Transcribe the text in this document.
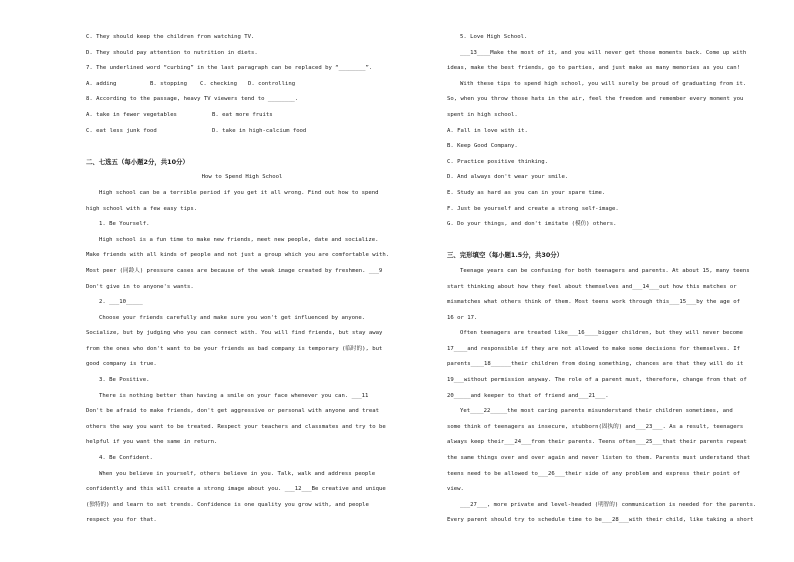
C. They should keep the children from watching TV.
D. They should pay attention to nutrition in diets.
7. The underlined word “curbing” in the last paragraph can be replaced by “________”.
A. adding	B. stopping C. checking D. controlling
8. According to the passage, heavy TV viewers tend to ________.
A. take in fewer vegetables	B. eat more fruits
C. eat less junk food	D. take in high-calcium food
二、七选五（每小题2分，共10分）
How to Spend High School
High school can be a terrible period if you get it all wrong. Find out how to spend
high school with a few easy tips.
1. Be Yourself.
High school is a fun time to make new friends, meet new people, date and socialize.
Make friends with all kinds of people and not just a group which you are comfortable with.
Most peer (同龄人) pressure cases are because of the weak image created by freshmen. ___9
Don't give in to anyone's wants.
2. ___10_____
Choose your friends carefully and make sure you won't get influenced by anyone.
Socialize, but by judging who you can connect with. You will find friends, but stay away
from the ones who don't want to be your friends as bad company is temporary (临时的), but
good company is true.
3. Be Positive.
There is nothing better than having a smile on your face whenever you can. ___11
Don't be afraid to make friends, don't get aggressive or personal with anyone and treat
others the way you want to be treated. Respect your teachers and classmates and try to be
helpful if you want the same in return.
4. Be Confident.
When you believe in yourself, others believe in you. Talk, walk and address people
confidently and this will create a strong image about you. ___12___Be creative and unique
(独特的) and learn to set trends. Confidence is one quality you grow with, and people
respect you for that.
5. Love High School.
___13____Make the most of it, and you will never get those moments back. Come up with
ideas, make the best friends, go to parties, and just make as many memories as you can!
With these tips to spend high school, you will surely be proud of graduating from it.
So, when you throw those hats in the air, feel the freedom and remember every moment you
spent in high school.
A. Fall in love with it.
B. Keep Good Company.
C. Practice positive thinking.
D. And always don't wear your smile.
E. Study as hard as you can in your spare time.
F. Just be yourself and create a strong self-image.
G. Do your things, and don't imitate (模仿) others.
三、完形填空（每小题1.5分，共30分）
Teenage years can be confusing for both teenagers and parents. At about 15, many teens
start thinking about how they feel about themselves and___14___out how this matches or
mismatches what others think of them. Most teens work through this___15___by the age of
16 or 17.
Often teenagers are treated like___16____bigger children, but they will never become
17____and responsible if they are not allowed to make some decisions for themselves. If
parents____18______their children from doing something, chances are that they will do it
19___without permission anyway. The role of a parent must, therefore, change from that of
20_____and keeper to that of friend and___21___.
Yet____22_____the most caring parents misunderstand their children sometimes, and
some think of teenagers as insecure, stubborn(固执的) and___23___. As a result, teenagers
always keep their___24___from their parents. Teens often___25___that their parents repeat
the same things over and over again and never listen to them. Parents must understand that
teens need to be allowed to___26___their side of any problem and express their point of
view.
___27___, more private and level-headed (明智的) communication is needed for the parents.
Every parent should try to schedule time to be___28___with their child, like taking a short
